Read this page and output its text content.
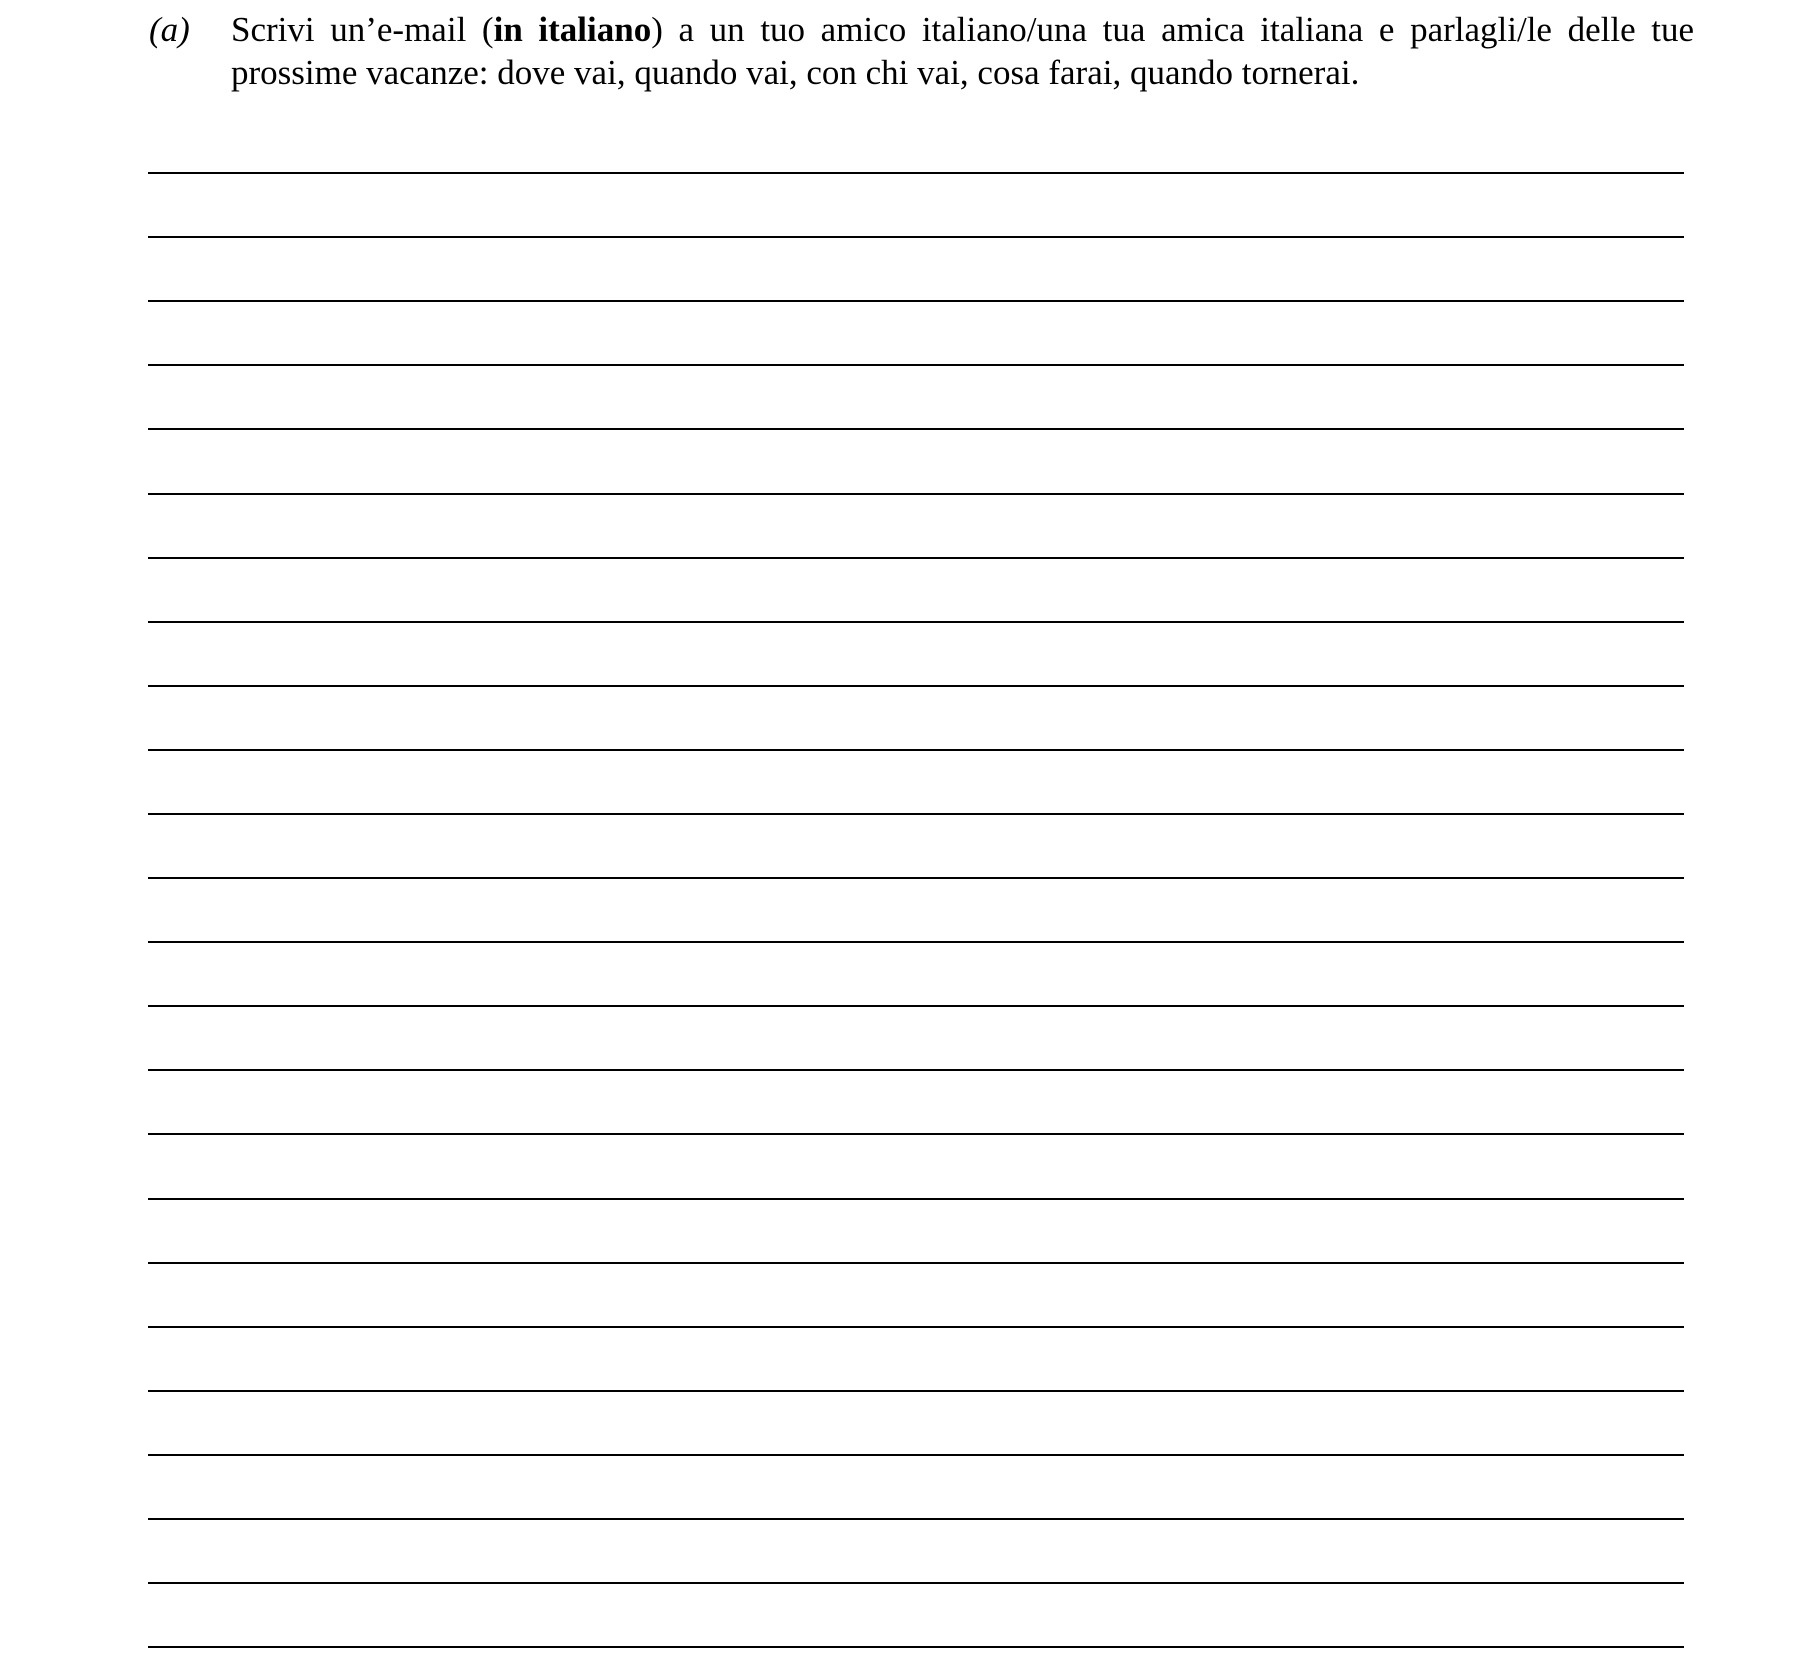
(a) Scrivi un’e-mail (in italiano) a un tuo amico italiano/una tua amica italiana e parlagli/le delle tue
prossime vacanze: dove vai, quando vai, con chi vai, cosa farai, quando tornerai.
